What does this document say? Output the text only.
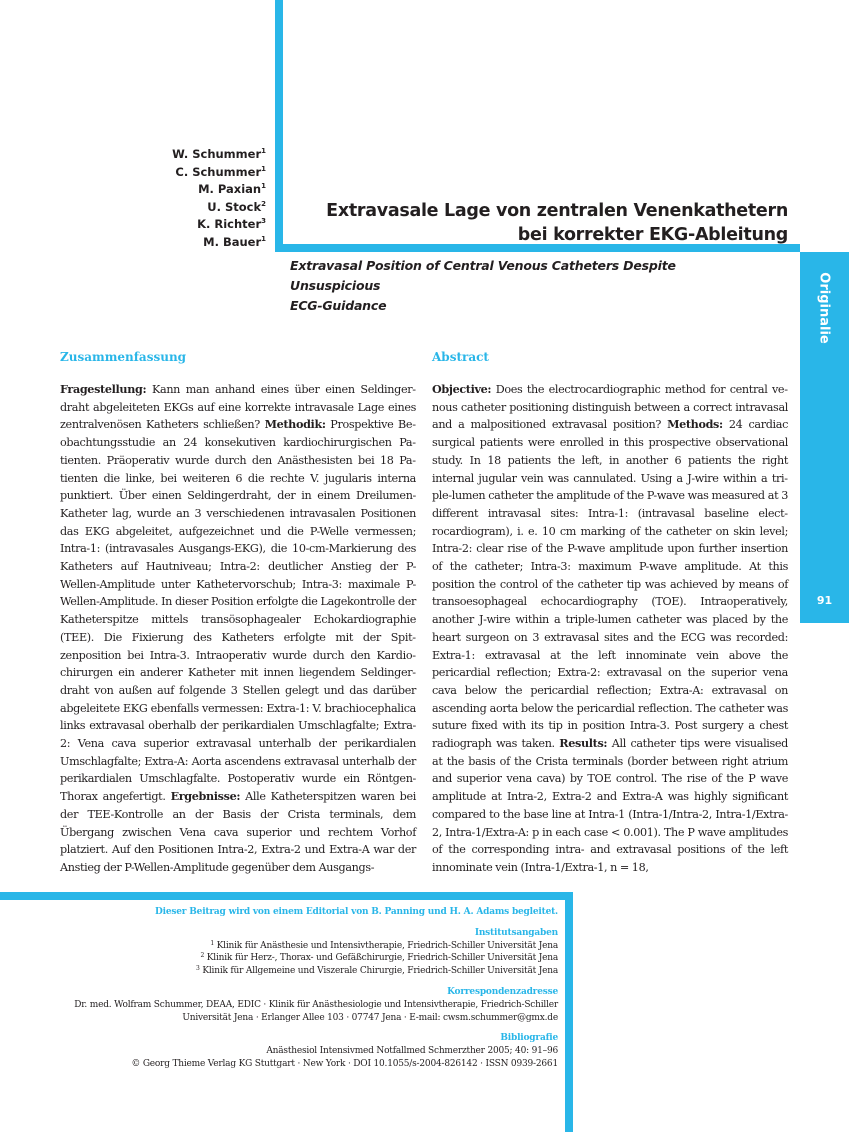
Originalie
91
W. Schummer$^1$
C. Schummer$^1$
M. Paxian$^1$
U. Stock$^2$
K. Richter$^3$
M. Bauer$^1$
Extravasale Lage von zentralen Venenkathetern
bei korrekter EKG-Ableitung
Extravasal Position of Central Venous Catheters Despite Unsuspicious
ECG-Guidance
Zusammenfassung	Abstract
Fragestellung: Kann man anhand eines über einen Seldingerdraht abgeleiteten EKGs auf eine korrekte intravasale Lage eines zentralvenösen Katheters schließen? Methodik: Prospektive Beobachtungsstudie an 24 konsekutiven kardiochirurgischen Patienten. Präoperativ wurde durch den Anästhesisten bei 18 Patienten die linke, bei weiteren 6 die rechte V. jugularis interna punktiert. Über einen Seldingerdraht, der in einem Dreilumen-Katheter lag, wurde an 3 verschiedenen intravasalen Positionen das EKG abgeleitet, aufgezeichnet und die P-Welle vermessen; Intra-1: (intravasales Ausgangs-EKG), die 10-cm-Markierung des Katheters auf Hautniveau; Intra-2: deutlicher Anstieg der P-Wellen-Amplitude unter Kathetervorschub; Intra-3: maximale P-Wellen-Amplitude. In dieser Position erfolgte die Lagekontrolle der Katheterspitze mittels transösophagealer Echokardiographie (TEE). Die Fixierung des Katheters erfolgte mit der Spitzenposition bei Intra-3. Intraoperativ wurde durch den Kardiochirurgen ein anderer Katheter mit innen liegendem Seldingerdraht von außen auf folgende 3 Stellen gelegt und das darüber abgeleitete EKG ebenfalls vermessen: Extra-1: V. brachiocephalica links extravasal oberhalb der perikardialen Umschlagfalte; Extra-2: Vena cava superior extravasal unterhalb der perikardialen Umschlagfalte; Extra-A: Aorta ascendens extravasal unterhalb der perikardialen Umschlagfalte. Postoperativ wurde ein Röntgen-Thorax angefertigt. Ergebnisse: Alle Katheterspitzen waren bei der TEE-Kontrolle an der Basis der Crista terminals, dem Übergang zwischen Vena cava superior und rechtem Vorhof platziert. Auf den Positionen Intra-2, Extra-2 und Extra-A war der Anstieg der P-Wellen-Amplitude gegenüber dem Ausgangs-
Objective: Does the electrocardiographic method for central venous catheter positioning distinguish between a correct intravasal and a malpositioned extravasal position? Methods: 24 cardiac surgical patients were enrolled in this prospective observational study. In 18 patients the left, in another 6 patients the right internal jugular vein was cannulated. Using a J-wire within a triple-lumen catheter the amplitude of the P-wave was measured at 3 different intravasal sites: Intra-1: (intravasal baseline electrocardiogram), i. e. 10 cm marking of the catheter on skin level; Intra-2: clear rise of the P-wave amplitude upon further insertion of the catheter; Intra-3: maximum P-wave amplitude. At this position the control of the catheter tip was achieved by means of transoesophageal echocardiography (TOE). Intraoperatively, another J-wire within a triple-lumen catheter was placed by the heart surgeon on 3 extravasal sites and the ECG was recorded: Extra-1: extravasal at the left innominate vein above the pericardial reflection; Extra-2: extravasal on the superior vena cava below the pericardial reflection; Extra-A: extravasal on ascending aorta below the pericardial reflection. The catheter was suture fixed with its tip in position Intra-3. Post surgery a chest radiograph was taken. Results: All catheter tips were visualised at the basis of the Crista terminals (border between right atrium and superior vena cava) by TOE control. The rise of the P wave amplitude at Intra-2, Extra-2 and Extra-A was highly significant compared to the base line at Intra-1 (Intra-1/Intra-2, Intra-1/Extra-2, Intra-1/Extra-A: p in each case < 0.001). The P wave amplitudes of the corresponding intra- and extravasal positions of the left innominate vein (Intra-1/Extra-1, n = 18,
Dieser Beitrag wird von einem Editorial von B. Panning und H. A. Adams begleitet.
Institutsangaben
$^1$ Klinik für Anästhesie und Intensivtherapie, Friedrich-Schiller Universität Jena
$^2$ Klinik für Herz-, Thorax- und Gefäßchirurgie, Friedrich-Schiller Universität Jena
$^3$ Klinik für Allgemeine und Viszerale Chirurgie, Friedrich-Schiller Universität Jena
Korrespondenzadresse
Dr. med. Wolfram Schummer, DEAA, EDIC · Klinik für Anästhesiologie und Intensivtherapie, Friedrich-Schiller
Universität Jena · Erlanger Allee 103 · 07747 Jena · E-mail: cwsm.schummer@gmx.de
Bibliografie
Anästhesiol Intensivmed Notfallmed Schmerzther 2005; 40: 91–96
© Georg Thieme Verlag KG Stuttgart · New York · DOI 10.1055/s-2004-826142 · ISSN 0939-2661
